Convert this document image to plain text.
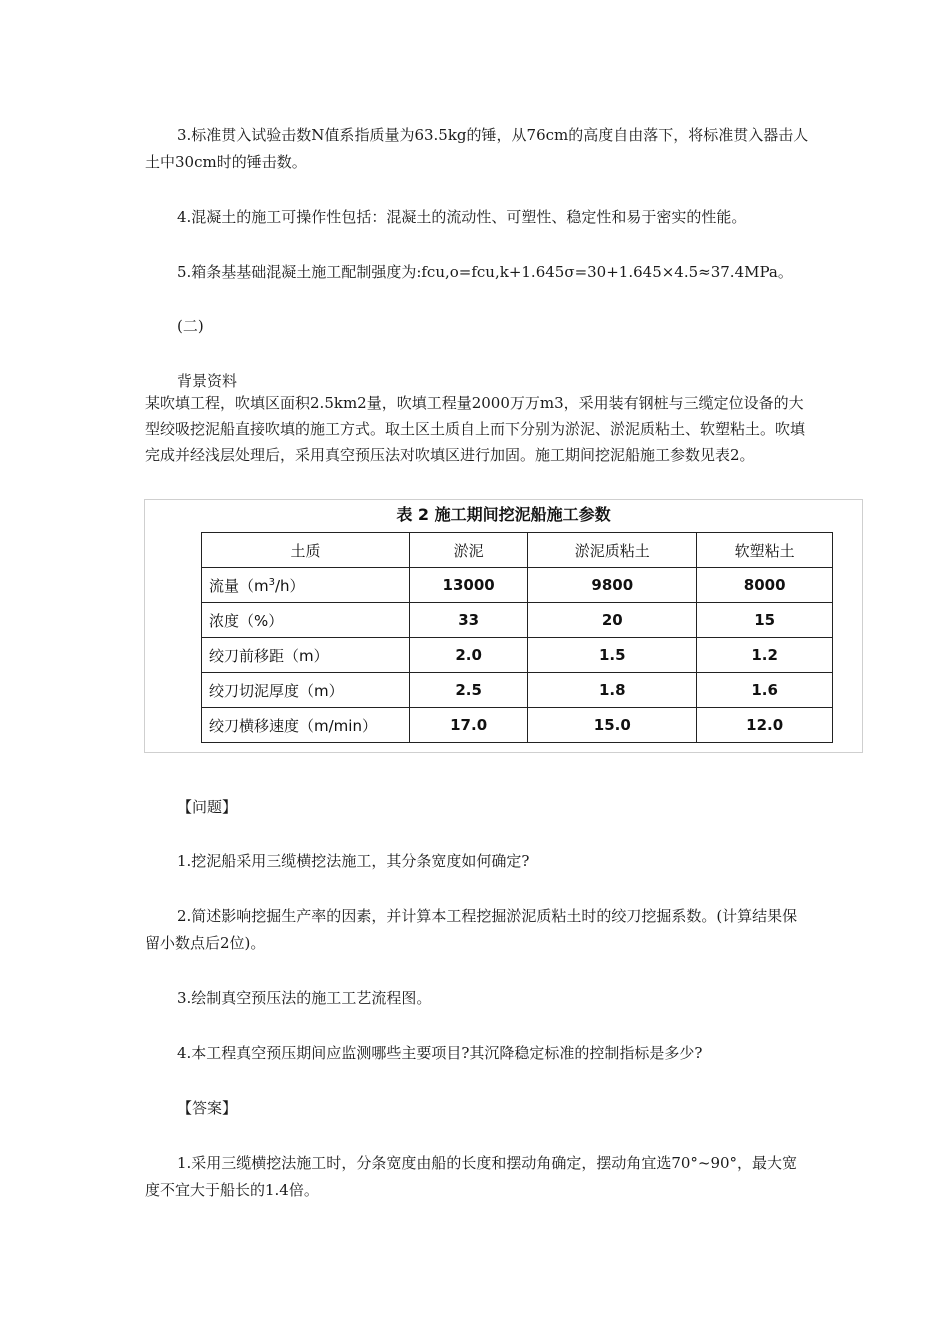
3.标准贯入试验击数N值系指质量为63.5kg的锤，从76cm的高度自由落下，将标准贯入器击人土中30cm时的锤击数。

4.混凝土的施工可操作性包括：混凝土的流动性、可塑性、稳定性和易于密实的性能。

5.箱条基基础混凝土施工配制强度为:fcu,o=fcu,k+1.645σ=30+1.645×4.5≈37.4MPa。

(二)

背景资料

某吹填工程，吹填区面积2.5km2量，吹填工程量2000万万m3，采用装有钢桩与三缆定位设备的大型绞吸挖泥船直接吹填的施工方式。取土区土质自上而下分别为淤泥、淤泥质粘土、软塑粘土。吹填完成并经浅层处理后，采用真空预压法对吹填区进行加固。施工期间挖泥船施工参数见表2。

表 2 施工期间挖泥船施工参数
土质	淤泥	淤泥质粘土	软塑粘土
流量$(m^3/h)$	13000	9800	8000
浓度（%）	33	20	15
绞刀前移距（m）	2.0	1.5	1.2
绞刀切泥厚度（m）	2.5	1.8	1.6
绞刀横移速度（m/min）	17.0	15.0	12.0

【问题】

1.挖泥船采用三缆横挖法施工，其分条宽度如何确定?

2.简述影响挖掘生产率的因素，并计算本工程挖掘淤泥质粘土时的绞刀挖掘系数。(计算结果保留小数点后2位)。

3.绘制真空预压法的施工工艺流程图。

4.本工程真空预压期间应监测哪些主要项目?其沉降稳定标准的控制指标是多少?

【答案】

1.采用三缆横挖法施工时，分条宽度由船的长度和摆动角确定，摆动角宜选70°~90°，最大宽度不宜大于船长的1.4倍。
